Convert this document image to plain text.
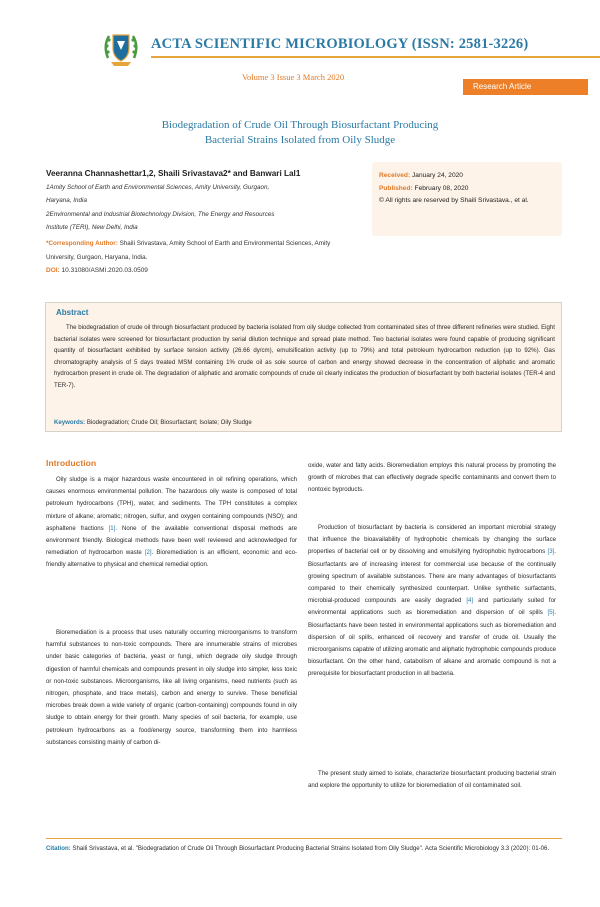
ACTA SCIENTIFIC MICROBIOLOGY (ISSN: 2581-3226)
Volume 3 Issue 3 March 2020
Research Article
Biodegradation of Crude Oil Through Biosurfactant Producing
Bacterial Strains Isolated from Oily Sludge
Veeranna Channashettar1,2, Shaili Srivastava2* and Banwari Lal1
1Amity School of Earth and Environmental Sciences, Amity University, Gurgaon,
Haryana, India
2Environmental and Industrial Biotechnology Division, The Energy and Resources
Institute (TERI), New Delhi, India
*Corresponding Author: Shaili Srivastava, Amity School of Earth and Environmental Sciences, Amity University, Gurgaon, Haryana, India.
DOI: 10.31080/ASMI.2020.03.0509
Received: January 24, 2020
Published: February 08, 2020
© All rights are reserved by Shaili Srivastava., et al.
Abstract
The biodegradation of crude oil through biosurfactant produced by bacteria isolated from oily sludge collected from contaminated sites of three different refineries were studied. Eight bacterial isolates were screened for biosurfactant production by serial dilution technique and spread plate method. Two bacterial isolates were found capable of producing significant quantity of biosurfactant exhibited by surface tension activity (26.66 dy/cm), emulsification activity (up to 79%) and total petroleum hydrocarbon reduction (up to 92%). Gas chromatography analysis of 5 days treated MSM containing 1% crude oil as sole source of carbon and energy showed decrease in the concentration of aliphatic and aromatic hydrocarbon present in crude oil. The degradation of aliphatic and aromatic compounds of crude oil clearly indicates the production of biosurfactant by both bacterial isolates (TER-4 and TER-7).
Keywords: Biodegradation; Crude Oil; Biosurfactant; Isolate; Oily Sludge
Introduction
Oily sludge is a major hazardous waste encountered in oil refining operations, which causes enormous environmental pollution. The hazardous oily waste is composed of total petroleum hydrocarbons (TPH), water, and sediments. The TPH constitutes a complex mixture of alkane; aromatic; nitrogen, sulfur, and oxygen containing compounds (NSO); and asphaltene fractions [1]. None of the available conventional disposal methods are environment friendly. Biological methods have been well reviewed and acknowledged for remediation of hydrocarbon waste [2]. Bioremediation is an efficient, economic and eco-friendly alternative to physical and chemical remedial option.
Bioremediation is a process that uses naturally occurring microorganisms to transform harmful substances to non-toxic compounds. There are innumerable strains of microbes under basic categories of bacteria, yeast or fungi, which degrade oily sludge through digestion of harmful chemicals and compounds present in oily sludge into simpler, less toxic or non-toxic substances. Microorganisms, like all living organisms, need nutrients (such as nitrogen, phosphate, and trace metals), carbon and energy to survive. These beneficial microbes break down a wide variety of organic (carbon-containing) compounds found in oily sludge to obtain energy for their growth. Many species of soil bacteria, for example, use petroleum hydrocarbons as a food/energy source, transforming them into harmless substances consisting mainly of carbon di-
oxide, water and fatty acids. Bioremediation employs this natural process by promoting the growth of microbes that can effectively degrade specific contaminants and convert them to nontoxic byproducts.
Production of biosurfactant by bacteria is considered an important microbial strategy that influence the bioavailability of hydrophobic chemicals by changing the surface properties of bacterial cell or by dissolving and emulsifying hydrophobic hydrocarbons [3]. Biosurfactants are of increasing interest for commercial use because of the continually growing spectrum of available substances. There are many advantages of biosurfactants compared to their chemically synthesized counterpart. Unlike synthetic surfactants, microbial-produced compounds are easily degraded [4] and particularly suited for environmental applications such as bioremediation and dispersion of oil spills [5]. Biosurfactants have been tested in environmental applications such as bioremediation and dispersion of oil spills, enhanced oil recovery and transfer of crude oil. Usually the microorganisms capable of utilizing aromatic and aliphatic hydrophobic compounds produce biosurfactant. On the other hand, catabolism of alkane and aromatic compound is not a prerequisite for biosurfactant production in all bacteria.
The present study aimed to isolate, characterize biosurfactant producing bacterial strain and explore the opportunity to utilize for bioremediation of oil contaminated soil.
Citation: Shaili Srivastava, et al. "Biodegradation of Crude Oil Through Biosurfactant Producing Bacterial Strains Isolated from Oily Sludge". Acta Scientific Microbiology 3.3 (2020): 01-06.
